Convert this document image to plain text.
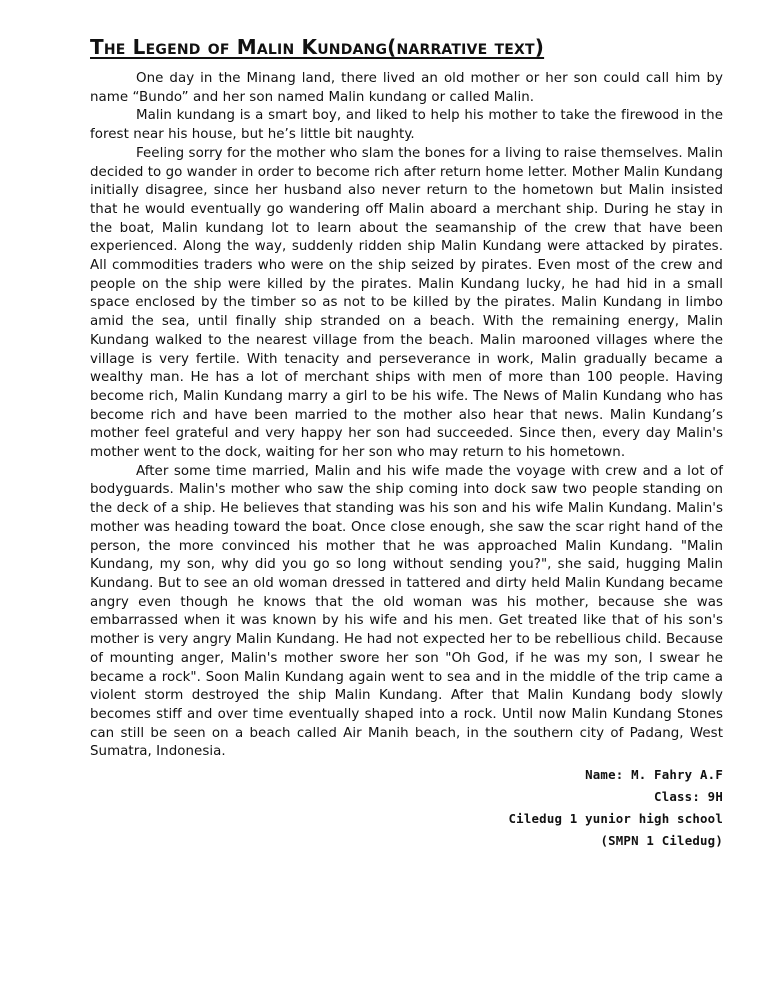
The Legend of Malin Kundang(narrative text)

One day in the Minang land, there lived an old mother or her son could call him by name “Bundo” and her son named Malin kundang or called Malin.

Malin kundang is a smart boy, and liked to help his mother to take the firewood in the forest near his house, but he’s little bit naughty.

Feeling sorry for the mother who slam the bones for a living to raise themselves. Malin decided to go wander in order to become rich after return home letter. Mother Malin Kundang initially disagree, since her husband also never return to the hometown but Malin insisted that he would eventually go wandering off Malin aboard a merchant ship. During he stay in the boat, Malin kundang lot to learn about the seamanship of the crew that have been experienced. Along the way, suddenly ridden ship Malin Kundang were attacked by pirates. All commodities traders who were on the ship seized by pirates. Even most of the crew and people on the ship were killed by the pirates. Malin Kundang lucky, he had hid in a small space enclosed by the timber so as not to be killed by the pirates. Malin Kundang in limbo amid the sea, until finally ship stranded on a beach. With the remaining energy, Malin Kundang walked to the nearest village from the beach. Malin marooned villages where the village is very fertile. With tenacity and perseverance in work, Malin gradually became a wealthy man. He has a lot of merchant ships with men of more than 100 people. Having become rich, Malin Kundang marry a girl to be his wife. The News of Malin Kundang who has become rich and have been married to the mother also hear that news. Malin Kundang’s mother feel grateful and very happy her son had succeeded. Since then, every day Malin's mother went to the dock, waiting for her son who may return to his hometown.

After some time married, Malin and his wife made the voyage with crew and a lot of bodyguards. Malin's mother who saw the ship coming into dock saw two people standing on the deck of a ship. He believes that standing was his son and his wife Malin Kundang. Malin's mother was heading toward the boat. Once close enough, she saw the scar right hand of the person, the more convinced his mother that he was approached Malin Kundang. "Malin Kundang, my son, why did you go so long without sending you?", she said, hugging Malin Kundang. But to see an old woman dressed in tattered and dirty held Malin Kundang became angry even though he knows that the old woman was his mother, because she was embarrassed when it was known by his wife and his men. Get treated like that of his son's mother is very angry Malin Kundang. He had not expected her to be rebellious child. Because of mounting anger, Malin's mother swore her son "Oh God, if he was my son, I swear he became a rock". Soon Malin Kundang again went to sea and in the middle of the trip came a violent storm destroyed the ship Malin Kundang. After that Malin Kundang body slowly becomes stiff and over time eventually shaped into a rock. Until now Malin Kundang Stones can still be seen on a beach called Air Manih beach, in the southern city of Padang, West Sumatra, Indonesia.

Name: M. Fahry A.F
Class: 9H
Ciledug 1 yunior high school
(SMPN 1 Ciledug)
